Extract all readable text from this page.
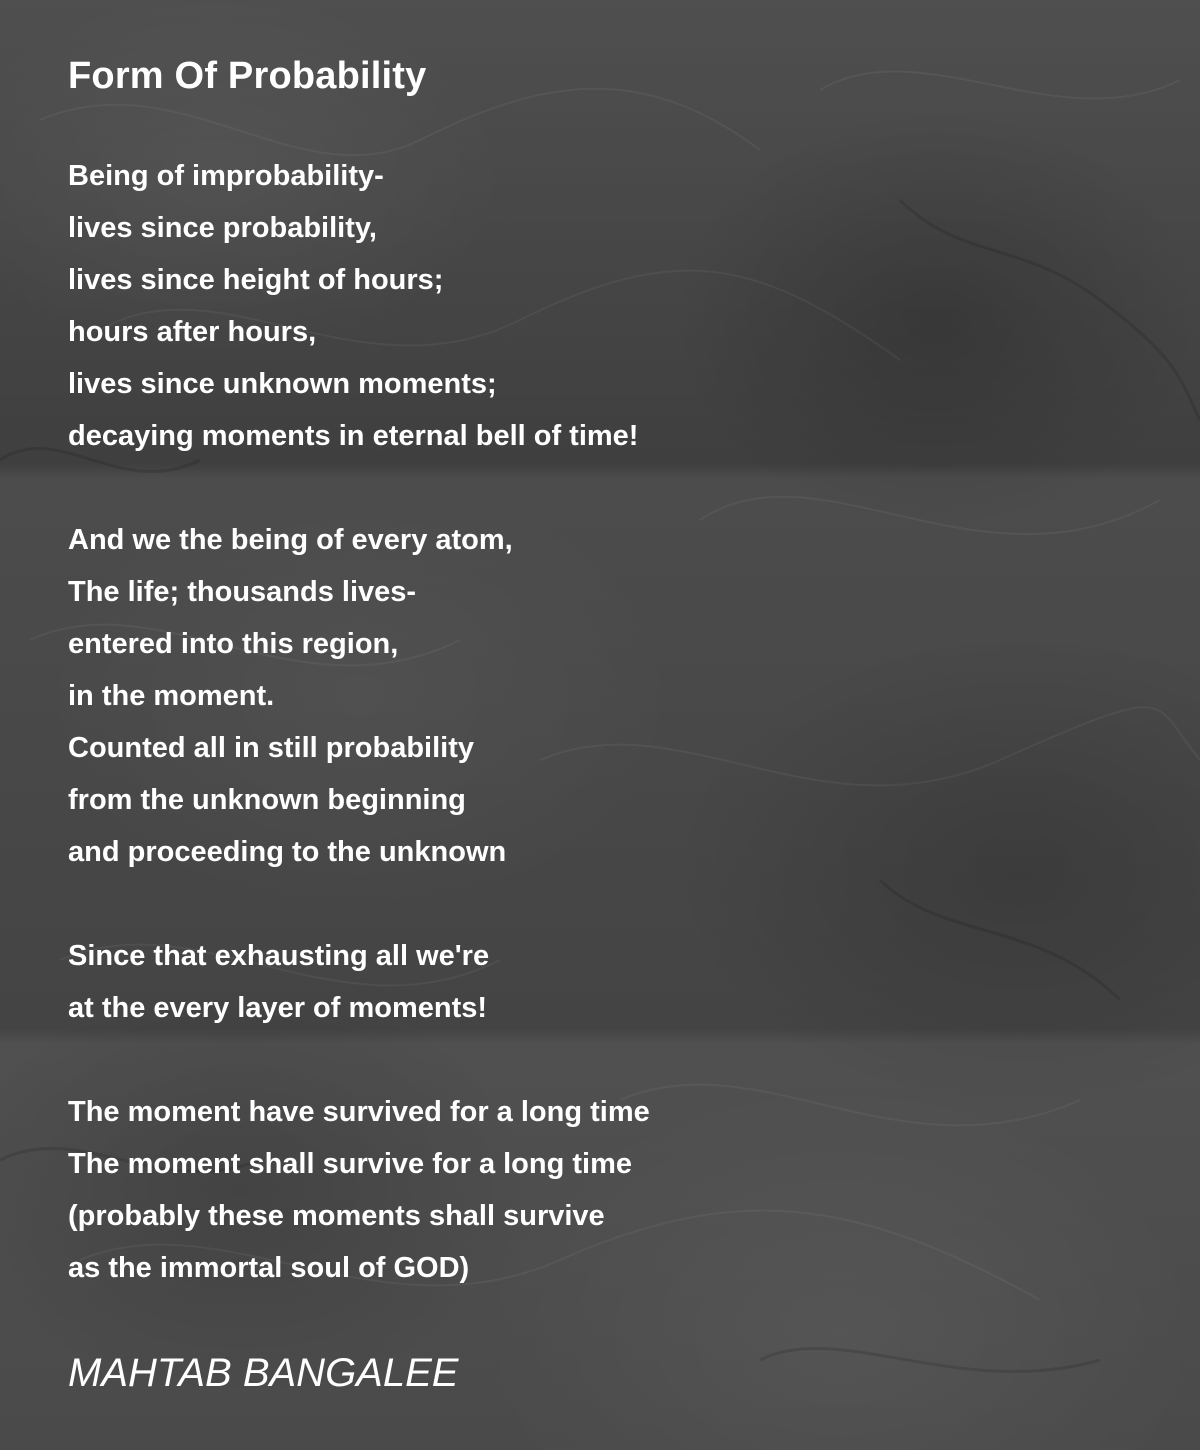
Form Of Probability
Being of improbability-
lives since probability,
lives since height of hours;
hours after hours,
lives since unknown moments;
decaying moments in eternal bell of time!
And we the being of every atom,
The life; thousands lives-
entered into this region,
in the moment.
Counted all in still probability
from the unknown beginning
and proceeding to the unknown
Since that exhausting all we're
at the every layer of moments!
The moment have survived for a long time
The moment shall survive for a long time
(probably these moments shall survive
as the immortal soul of GOD)

MAHTAB BANGALEE
